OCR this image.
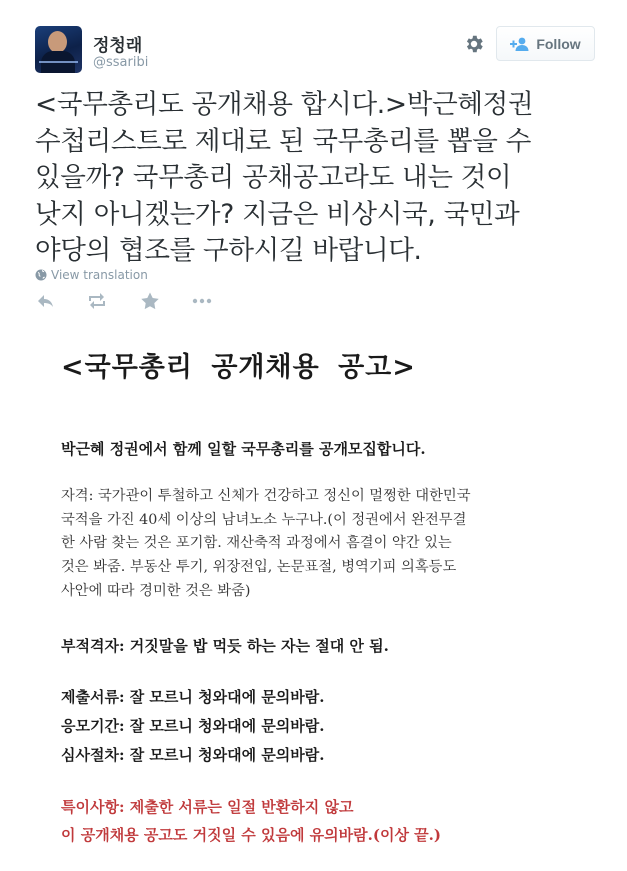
정청래
@ssaribi
Follow
<국무총리도 공개채용 합시다.>박근혜정권
수첩리스트로 제대로 된 국무총리를 뽑을 수
있을까? 국무총리 공채공고라도 내는 것이
낫지 아니겠는가? 지금은 비상시국, 국민과
야당의 협조를 구하시길 바랍니다.
View translation
<국무총리 공개채용 공고>
박근혜 정권에서 함께 일할 국무총리를 공개모집합니다.
자격: 국가관이 투철하고 신체가 건강하고 정신이 멀쩡한 대한민국
국적을 가진 40세 이상의 남녀노소 누구나.(이 정권에서 완전무결
한 사람 찾는 것은 포기함. 재산축적 과정에서 흠결이 약간 있는
것은 봐줌. 부동산 투기, 위장전입, 논문표절, 병역기피 의혹등도
사안에 따라 경미한 것은 봐줌)
부적격자: 거짓말을 밥 먹듯 하는 자는 절대 안 됨.
제출서류: 잘 모르니 청와대에 문의바람.
응모기간: 잘 모르니 청와대에 문의바람.
심사절차: 잘 모르니 청와대에 문의바람.
특이사항: 제출한 서류는 일절 반환하지 않고
이 공개채용 공고도 거짓일 수 있음에 유의바람.(이상 끝.)
